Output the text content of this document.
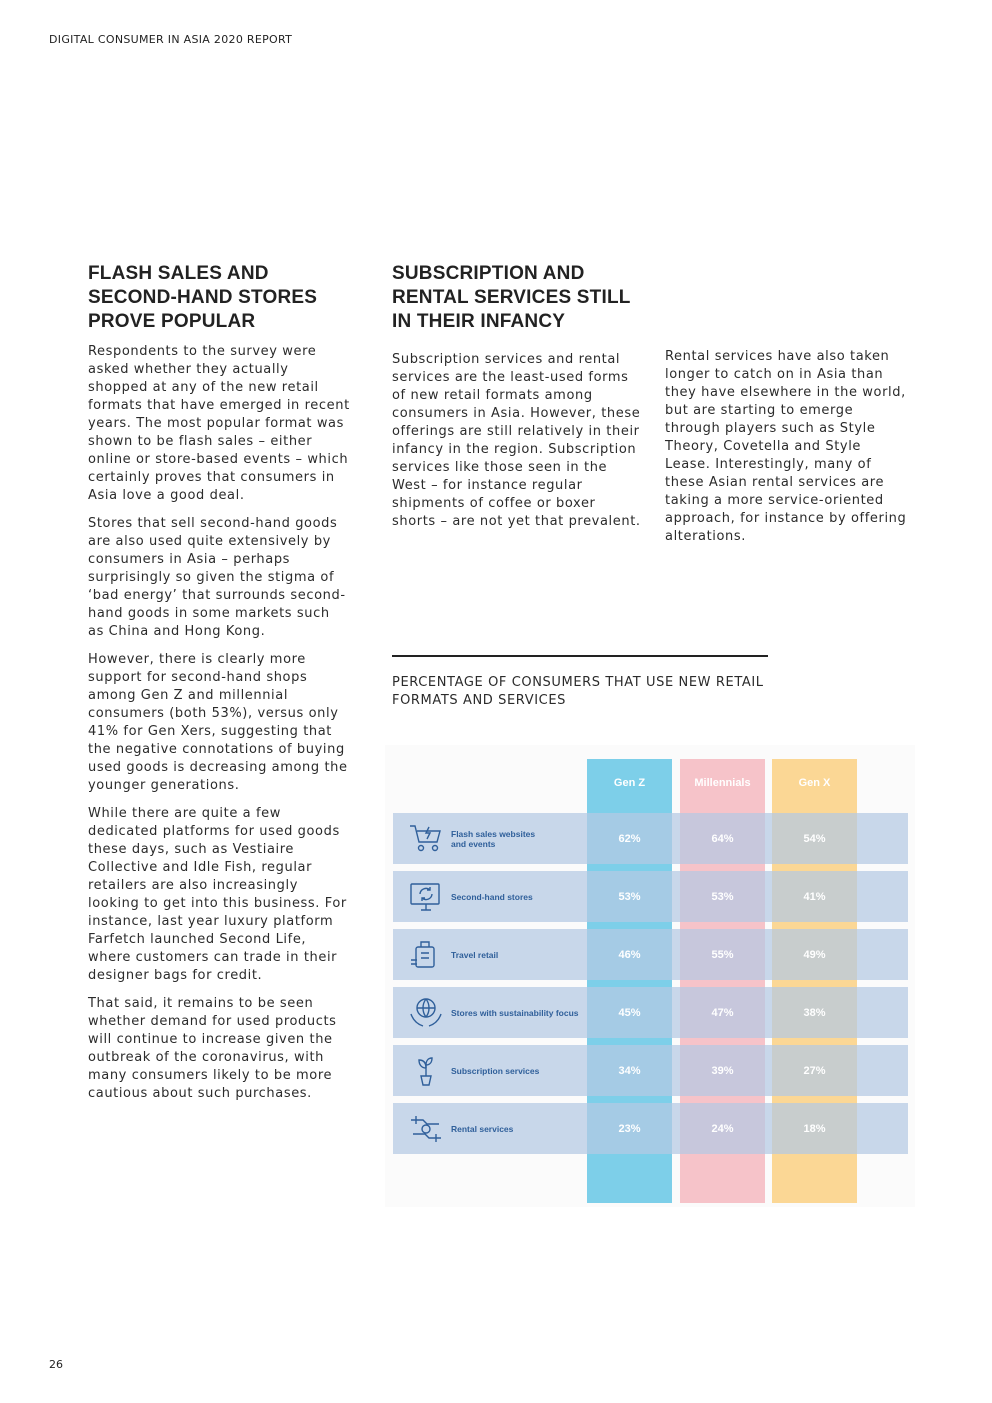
DIGITAL CONSUMER IN ASIA 2020 REPORT
FLASH SALES AND
SECOND-HAND STORES
PROVE POPULAR
SUBSCRIPTION AND
RENTAL SERVICES STILL
IN THEIR INFANCY

Respondents to the survey were asked whether they actually shopped at any of the new retail formats that have emerged in recent years. The most popular format was shown to be flash sales – either online or store-based events – which certainly proves that consumers in Asia love a good deal.

Stores that sell second-hand goods are also used quite extensively by consumers in Asia – perhaps surprisingly so given the stigma of ‘bad energy’ that surrounds second-hand goods in some markets such as China and Hong Kong.

However, there is clearly more support for second-hand shops among Gen Z and millennial consumers (both 53%), versus only 41% for Gen Xers, suggesting that the negative connotations of buying used goods is decreasing among the younger generations.

While there are quite a few dedicated platforms for used goods these days, such as Vestiaire Collective and Idle Fish, regular retailers are also increasingly looking to get into this business. For instance, last year luxury platform Farfetch launched Second Life, where customers can trade in their designer bags for credit.

That said, it remains to be seen whether demand for used products will continue to increase given the outbreak of the coronavirus, with many consumers likely to be more cautious about such purchases.

Subscription services and rental services are the least-used forms of new retail formats among consumers in Asia. However, these offerings are still relatively in their infancy in the region. Subscription services like those seen in the West – for instance regular shipments of coffee or boxer shorts – are not yet that prevalent.

Rental services have also taken longer to catch on in Asia than they have elsewhere in the world, but are starting to emerge through players such as Style Theory, Covetella and Style Lease. Interestingly, many of these Asian rental services are taking a more service-oriented approach, for instance by offering alterations.

PERCENTAGE OF CONSUMERS THAT USE NEW RETAIL FORMATS AND SERVICES
Gen Z	Millennials	Gen X
Flash sales websites
and events	62%	64%	54%
Second-hand stores	53%	53%	41%
Travel retail	46%	55%	49%
Stores with sustainability focus	45%	47%	38%
Subscription services	34%	39%	27%
Rental services	23%	24%	18%
26
